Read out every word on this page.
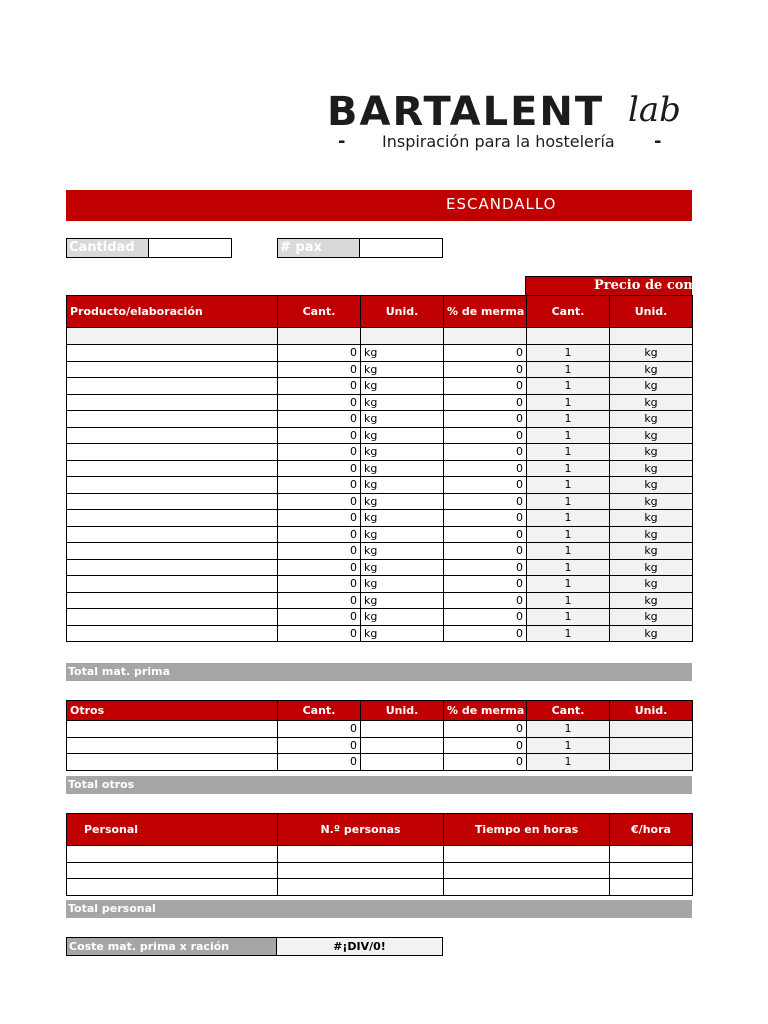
BARTALENT lab
- Inspiración para la hostelería -
ESCANDALLO
Cantidad	# pax
Precio de compra
Producto/elaboración	Cant.	Unid.	% de merma	Cant.	Unid.

	0	kg	0	1	kg
	0	kg	0	1	kg
	0	kg	0	1	kg
	0	kg	0	1	kg
	0	kg	0	1	kg
	0	kg	0	1	kg
	0	kg	0	1	kg
	0	kg	0	1	kg
	0	kg	0	1	kg
	0	kg	0	1	kg
	0	kg	0	1	kg
	0	kg	0	1	kg
	0	kg	0	1	kg
	0	kg	0	1	kg
	0	kg	0	1	kg
	0	kg	0	1	kg
	0	kg	0	1	kg
	0	kg	0	1	kg
Total mat. prima
Otros	Cant.	Unid.	% de merma	Cant.	Unid.
	0		0	1	
	0		0	1	
	0		0	1	
Total otros
Personal	N.º personas	Tiempo en horas	€/hora

Total personal
Coste mat. prima x ración	#¡DIV/0!
